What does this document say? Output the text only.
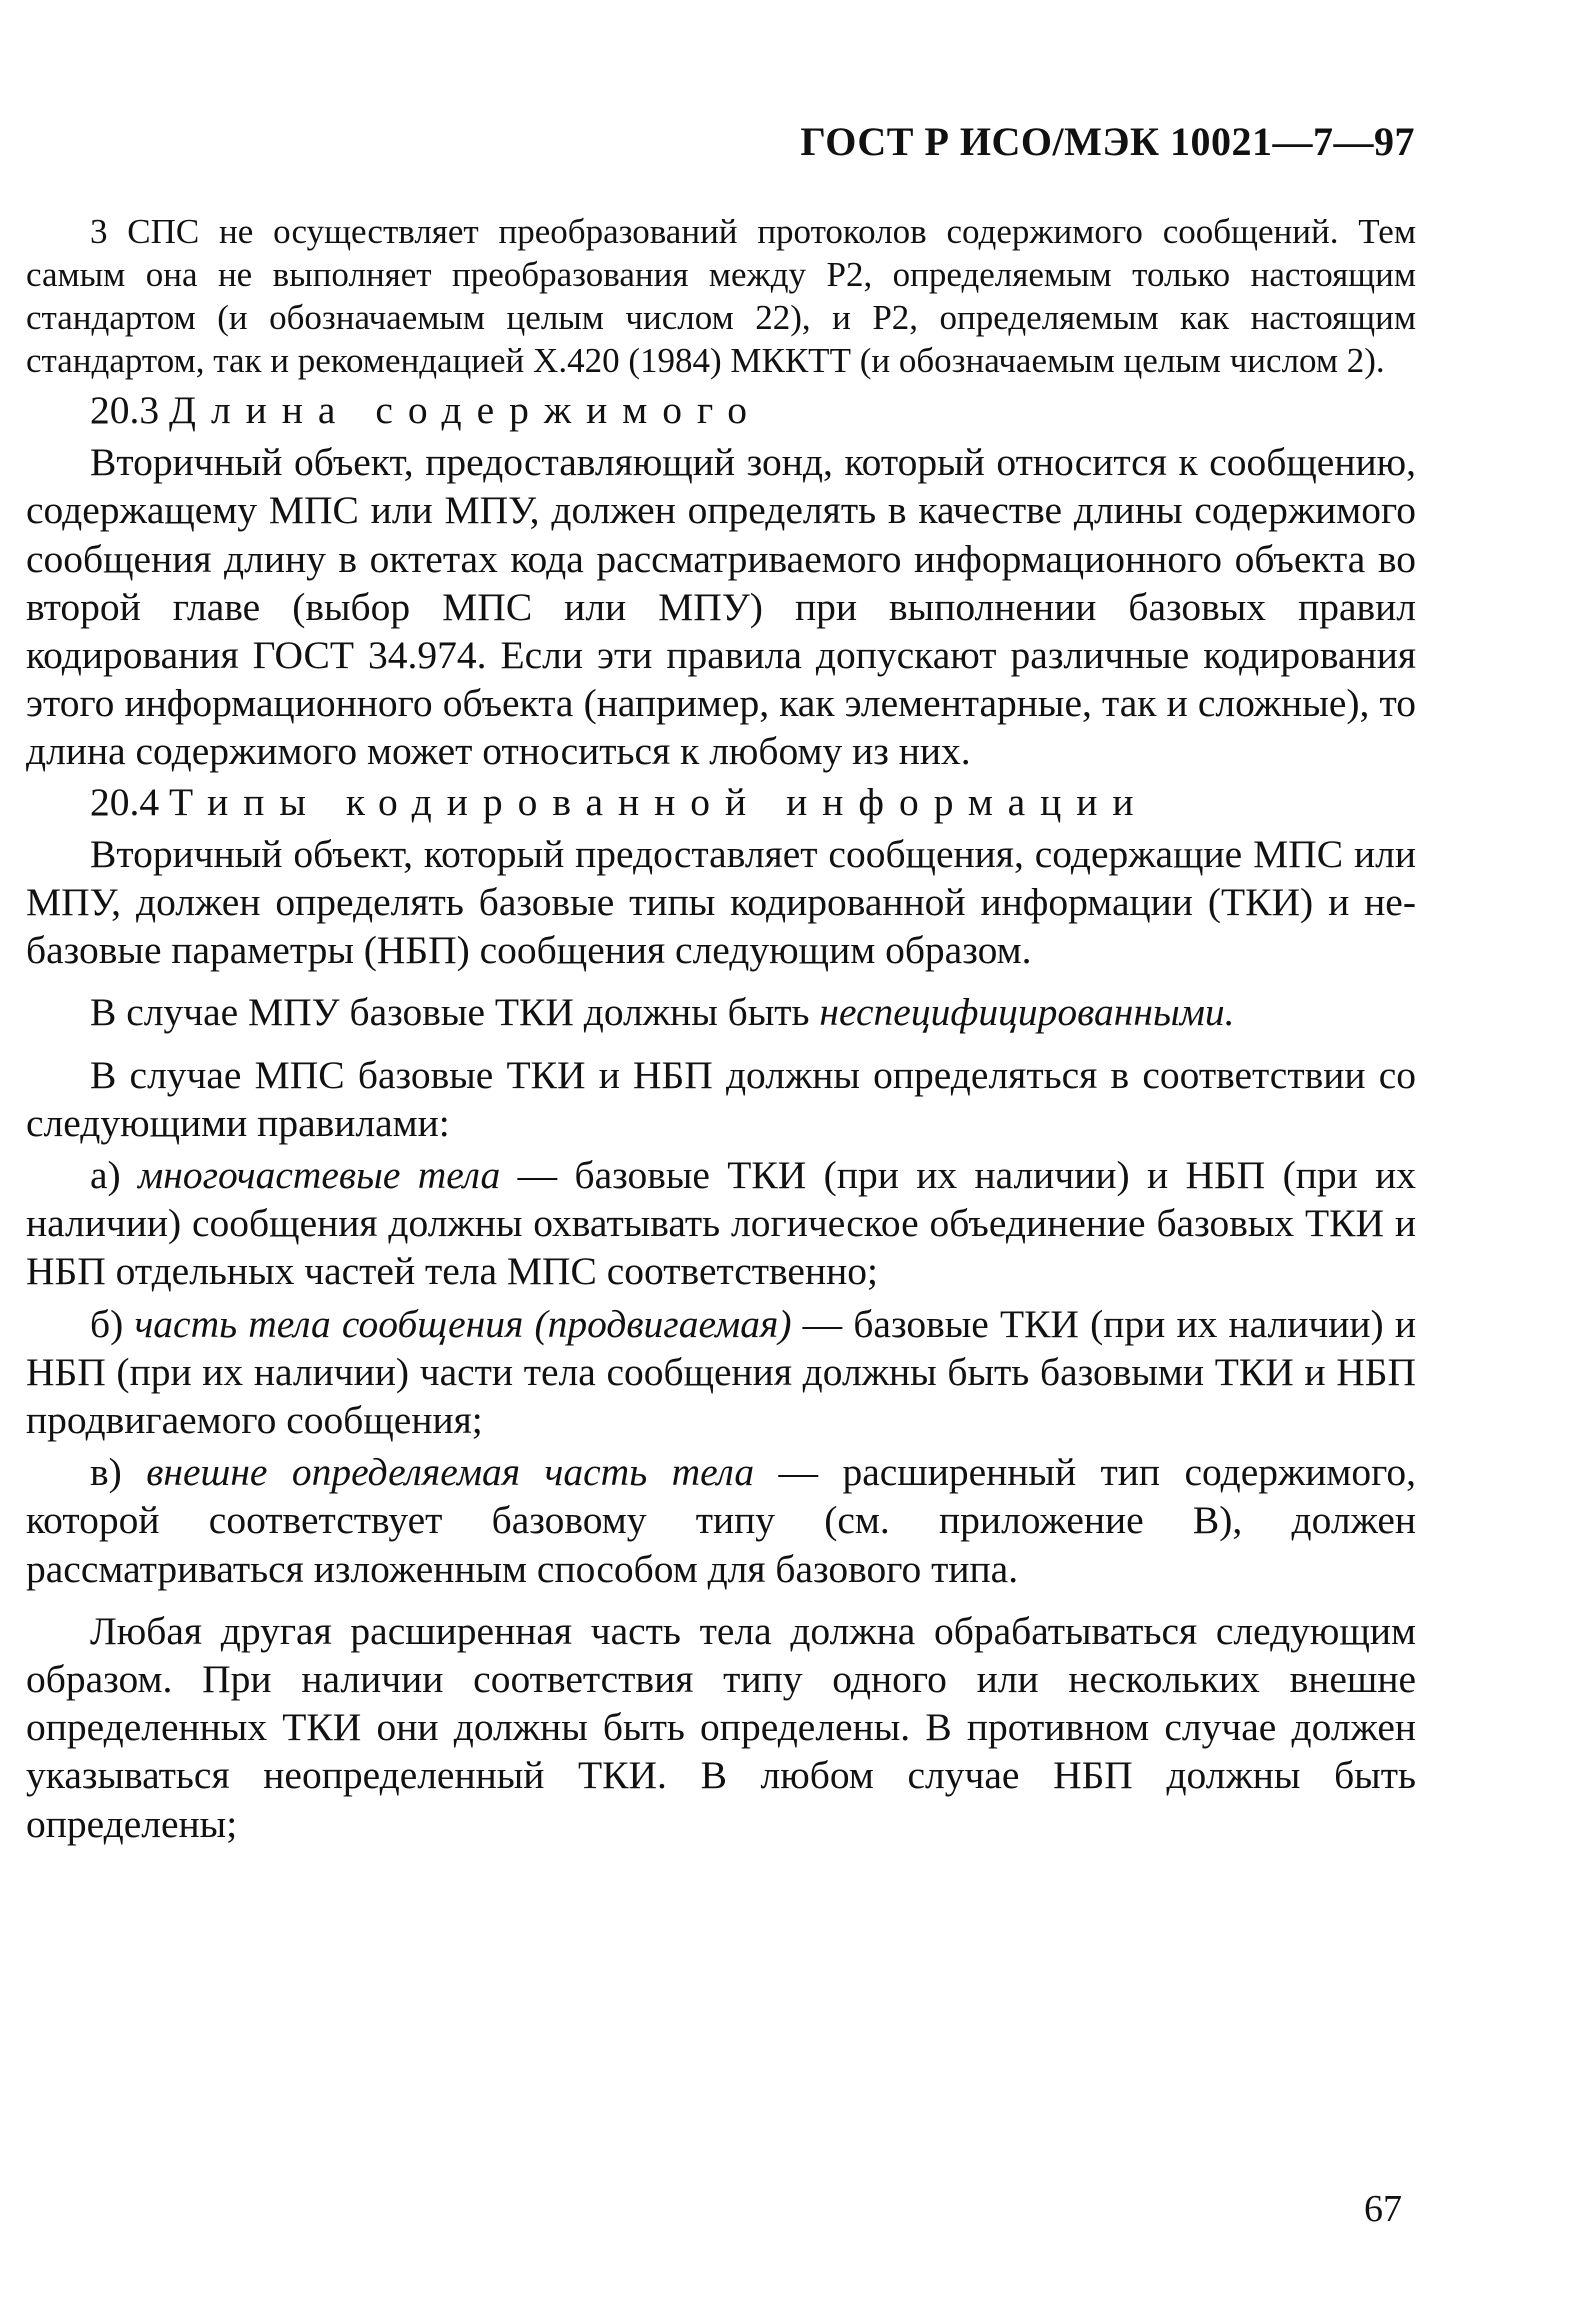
ГОСТ Р ИСО/МЭК 10021—7—97

3 СПС не осуществляет преобразований протоколов содержимого сообщений. Тем самым она не выполняет преобразования между Р2, определяемым только настоящим стандартом (и обозначаемым целым числом 22), и Р2, определяемым как настоящим стандартом, так и рекомендацией Х.420 (1984) МККТТ (и обозначаемым целым числом 2).

20.3 Длина содержимого

Вторичный объект, предоставляющий зонд, который относится к сообщению, содержащему МПС или МПУ, должен определять в качестве длины содержимого сообщения длину в октетах кода рассматриваемого информационного объекта во второй главе (выбор МПС или МПУ) при выполнении базовых правил кодирования ГОСТ 34.974. Если эти правила допускают различные кодирования этого информационного объекта (например, как элементарные, так и сложные), то длина содержимого может относиться к любому из них.

20.4 Типы кодированной информации

Вторичный объект, который предоставляет сообщения, содержащие МПС или МПУ, должен определять базовые типы кодированной информации (ТКИ) и не-базовые параметры (НБП) сообщения следующим образом.

В случае МПУ базовые ТКИ должны быть неспецифицированными.

В случае МПС базовые ТКИ и НБП должны определяться в соответствии со следующими правилами:

а) многочастевые тела — базовые ТКИ (при их наличии) и НБП (при их наличии) сообщения должны охватывать логическое объединение базовых ТКИ и НБП отдельных частей тела МПС соответственно;

б) часть тела сообщения (продвигаемая) — базовые ТКИ (при их наличии) и НБП (при их наличии) части тела сообщения должны быть базовыми ТКИ и НБП продвигаемого сообщения;

в) внешне определяемая часть тела — расширенный тип содержимого, которой соответствует базовому типу (см. приложение В), должен рассматриваться изложенным способом для базового типа.

Любая другая расширенная часть тела должна обрабатываться следующим образом. При наличии соответствия типу одного или нескольких внешне определенных ТКИ они должны быть определены. В противном случае должен указываться неопределенный ТКИ. В любом случае НБП должны быть определены;

67
